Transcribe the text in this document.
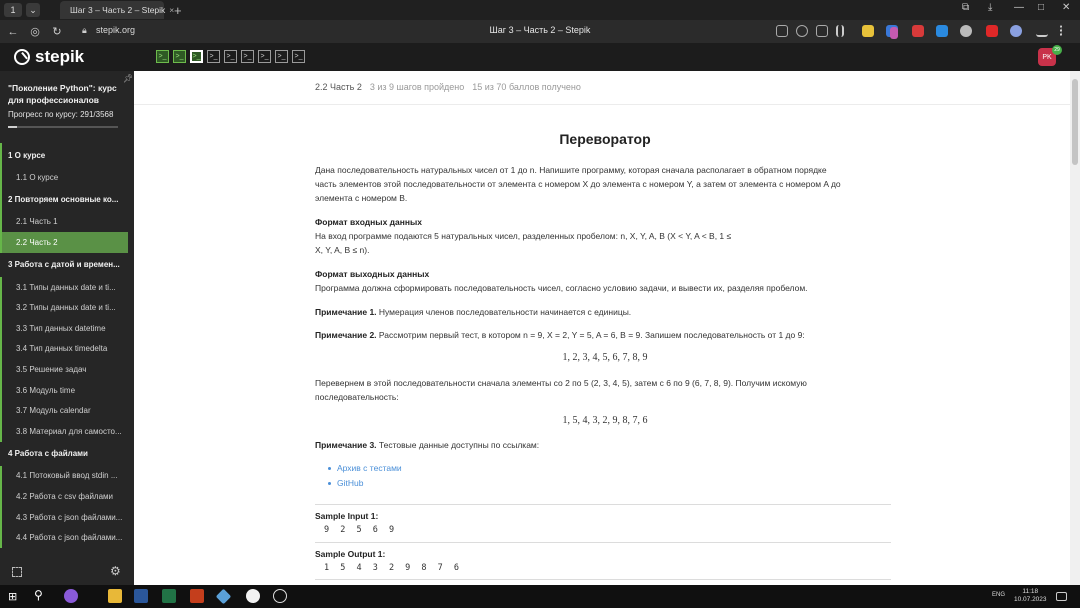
1	⌄	Шаг 3 – Часть 2 – Stepik × +	⧉ ⤓ — □ ✕
←	◎	↻	🔒︎ stepik.org	Шаг 3 – Часть 2 – Stepik
stepik	>_	>_	>_	>_	>_	>_	>_	>_	>_	PK
29
📌︎
"Поколение Python": курс для профессионалов
Прогресс по курсу: 291/3568
1 О курсе
1.1 О курсе
2 Повторяем основные ко...
2.1 Часть 1
2.2 Часть 2
3 Работа с датой и времен...
3.1 Типы данных date и ti...
3.2 Типы данных date и ti...
3.3 Тип данных datetime
3.4 Тип данных timedelta
3.5 Решение задач
3.6 Модуль time
3.7 Модуль calendar
3.8 Материал для самосто...
4 Работа с файлами
4.1 Потоковый ввод stdin ...
4.2 Работа с csv файлами
4.3 Работа с json файлами...
4.4 Работа с json файлами...
⚙
2.2 Часть 2 3 из 9 шагов пройдено 15 из 70 баллов получено
Переворатор
Дана последовательность натуральных чисел от 1 до n. Напишите программу, которая сначала располагает в обратном порядке
часть элементов этой последовательности от элемента с номером X до элемента с номером Y, а затем от элемента с номером A до
элемента с номером B.
Формат входных данных
На вход программе подаются 5 натуральных чисел, разделенных пробелом: n, X, Y, A, B (X < Y, A < B, 1 ≤
X, Y, A, B ≤ n).
Формат выходных данных
Программа должна сформировать последовательность чисел, согласно условию задачи, и вывести их, разделяя пробелом.
Примечание 1. Нумерация членов последовательности начинается с единицы.
Примечание 2. Рассмотрим первый тест, в котором n = 9, X = 2, Y = 5, A = 6, B = 9. Запишем последовательность от 1 до 9:
1, 2, 3, 4, 5, 6, 7, 8, 9
Перевернем в этой последовательности сначала элементы со 2 по 5 (2, 3, 4, 5), затем с 6 по 9 (6, 7, 8, 9). Получим искомую
последовательность:
1, 5, 4, 3, 2, 9, 8, 7, 6
Примечание 3. Тестовые данные доступны по ссылкам:
Архив с тестами
GitHub
Sample Input 1:
9 2 5 6 9
Sample Output 1:
1 5 4 3 2 9 8 7 6
⊞	⚲	ENG	11:18
10.07.2023
